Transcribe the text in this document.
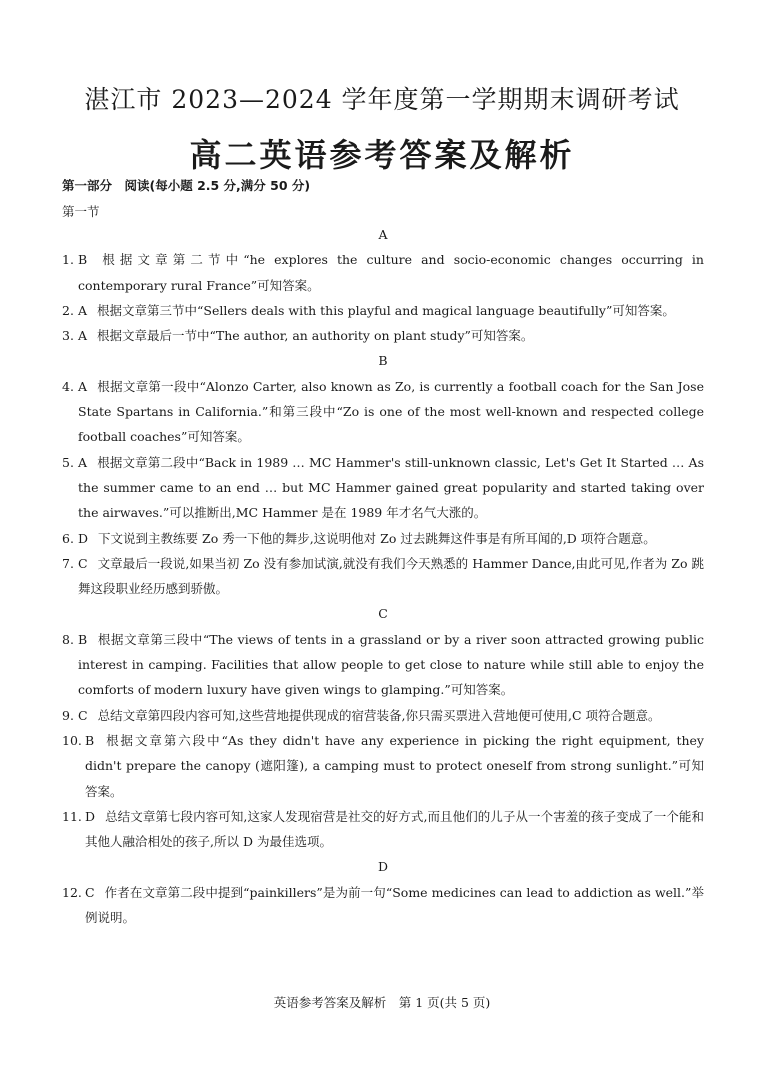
湛江市 2023—2024 学年度第一学期期末调研考试
高二英语参考答案及解析
第一部分　阅读(每小题 2.5 分,满分 50 分)
第一节

A

1. B 根据文章第二节中“he explores the culture and socio-economic changes occurring in contemporary rural France”可知答案。

2. A 根据文章第三节中“Sellers deals with this playful and magical language beautifully”可知答案。

3. A 根据文章最后一节中“The author, an authority on plant study”可知答案。

B

4. A 根据文章第一段中“Alonzo Carter, also known as Zo, is currently a football coach for the San Jose State Spartans in California.”和第三段中“Zo is one of the most well-known and respected college football coaches”可知答案。

5. A 根据文章第二段中“Back in 1989 … MC Hammer's still-unknown classic, Let's Get It Started … As the summer came to an end … but MC Hammer gained great popularity and started taking over the airwaves.”可以推断出,MC Hammer 是在 1989 年才名气大涨的。

6. D 下文说到主教练要 Zo 秀一下他的舞步,这说明他对 Zo 过去跳舞这件事是有所耳闻的,D 项符合题意。

7. C 文章最后一段说,如果当初 Zo 没有参加试演,就没有我们今天熟悉的 Hammer Dance,由此可见,作者为 Zo 跳舞这段职业经历感到骄傲。

C

8. B 根据文章第三段中“The views of tents in a grassland or by a river soon attracted growing public interest in camping. Facilities that allow people to get close to nature while still able to enjoy the comforts of modern luxury have given wings to glamping.”可知答案。

9. C 总结文章第四段内容可知,这些营地提供现成的宿营装备,你只需买票进入营地便可使用,C 项符合题意。

10. B 根据文章第六段中“As they didn't have any experience in picking the right equipment, they didn't prepare the canopy (遮阳篷), a camping must to protect oneself from strong sunlight.”可知答案。

11. D 总结文章第七段内容可知,这家人发现宿营是社交的好方式,而且他们的儿子从一个害羞的孩子变成了一个能和其他人融洽相处的孩子,所以 D 为最佳选项。

D

12. C 作者在文章第二段中提到“painkillers”是为前一句“Some medicines can lead to addiction as well.”举例说明。

英语参考答案及解析　第 1 页(共 5 页)
